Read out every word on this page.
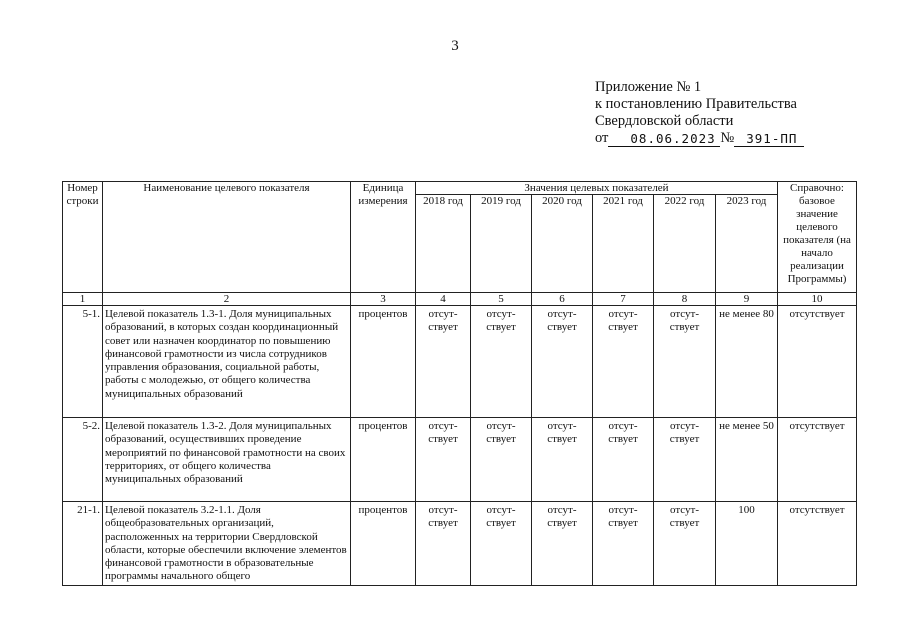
3
Приложение № 1
к постановлению Правительства
Свердловской области
от	08.06.2023 № 391-ПП
Номер строки	Наименование целевого показателя	Единица измерения	Значения целевых показателей						Справочно: базовое значение целевого показателя (на начало реализации Программы)
			2018 год	2019 год	2020 год	2021 год	2022 год	2023 год	
1	2	3	4	5	6	7	8	9	10
5-1.	Целевой показатель 1.3-1. Доля муниципальных образований, в которых создан координационный совет или назначен координатор по повышению финансовой грамотности из числа сотрудников управления образования, социальной работы, работы с молодежью, от общего количества муниципальных образований	процентов	отсут-ствует	отсут-ствует	отсут-ствует	отсут-ствует	отсут-ствует	не менее 80	отсутствует
5-2.	Целевой показатель 1.3-2. Доля муниципальных образований, осуществивших проведение мероприятий по финансовой грамотности на своих территориях, от общего количества муниципальных образований	процентов	отсут-ствует	отсут-ствует	отсут-ствует	отсут-ствует	отсут-ствует	не менее 50	отсутствует
21-1.	Целевой показатель 3.2-1.1. Доля общеобразовательных организаций, расположенных на территории Свердловской области, которые обеспечили включение элементов финансовой грамотности в образовательные программы начального общего	процентов	отсут-ствует	отсут-ствует	отсут-ствует	отсут-ствует	отсут-ствует	100	отсутствует
